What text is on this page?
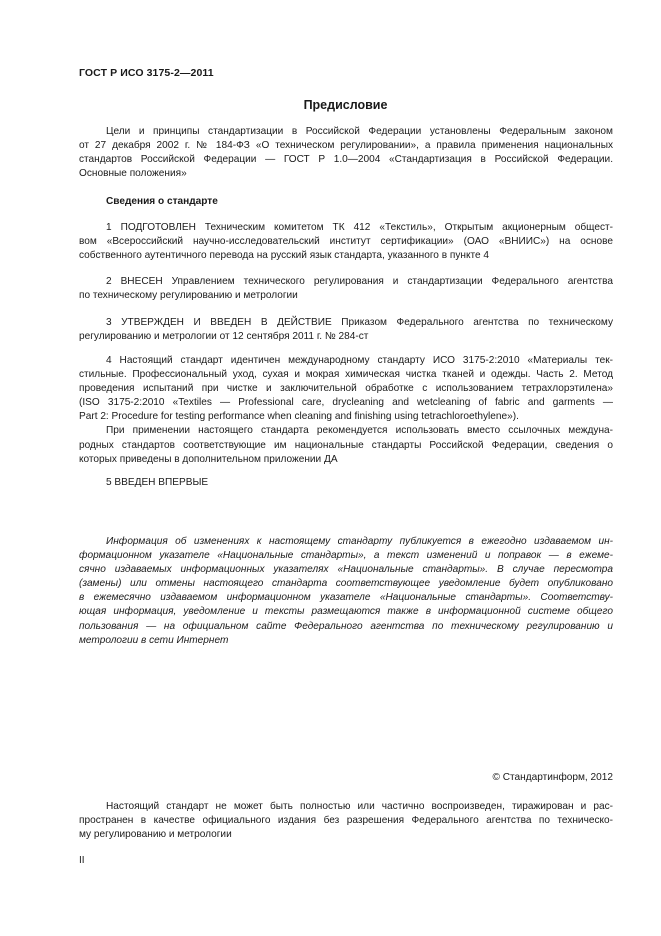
ГОСТ Р ИСО 3175-2—2011
Предисловие
Цели и принципы стандартизации в Российской Федерации установлены Федеральным законом
от 27 декабря 2002 г. № 184-ФЗ «О техническом регулировании», а правила применения национальных
стандартов Российской Федерации — ГОСТ Р 1.0—2004 «Стандартизация в Российской Федерации.
Основные положения»
Сведения о стандарте
1 ПОДГОТОВЛЕН Техническим комитетом ТК 412 «Текстиль», Открытым акционерным общест-
вом «Всероссийский научно-исследовательский институт сертификации» (ОАО «ВНИИС») на основе
собственного аутентичного перевода на русский язык стандарта, указанного в пункте 4
2 ВНЕСЕН Управлением технического регулирования и стандартизации Федерального агентства
по техническому регулированию и метрологии
3 УТВЕРЖДЕН И ВВЕДЕН В ДЕЙСТВИЕ Приказом Федерального агентства по техническому
регулированию и метрологии от 12 сентября 2011 г. № 284-ст
4 Настоящий стандарт идентичен международному стандарту ИСО 3175-2:2010 «Материалы тек-
стильные. Профессиональный уход, сухая и мокрая химическая чистка тканей и одежды. Часть 2. Метод
проведения испытаний при чистке и заключительной обработке с использованием тетрахлорэтилена»
(ISO 3175-2:2010 «Textiles — Professional care, drycleaning and wetcleaning of fabric and garments —
Part 2: Procedure for testing performance when cleaning and finishing using tetrachloroethylene»).
При применении настоящего стандарта рекомендуется использовать вместо ссылочных междуна-
родных стандартов соответствующие им национальные стандарты Российской Федерации, сведения о
которых приведены в дополнительном приложении ДА
5 ВВЕДЕН ВПЕРВЫЕ
Информация об изменениях к настоящему стандарту публикуется в ежегодно издаваемом ин-
формационном указателе «Национальные стандарты», а текст изменений и поправок — в ежеме-
сячно издаваемых информационных указателях «Национальные стандарты». В случае пересмотра
(замены) или отмены настоящего стандарта соответствующее уведомление будет опубликовано
в ежемесячно издаваемом информационном указателе «Национальные стандарты». Соответству-
ющая информация, уведомление и тексты размещаются также в информационной системе общего
пользования — на официальном сайте Федерального агентства по техническому регулированию и
метрологии в сети Интернет
© Стандартинформ, 2012
Настоящий стандарт не может быть полностью или частично воспроизведен, тиражирован и рас-
пространен в качестве официального издания без разрешения Федерального агентства по техническо-
му регулированию и метрологии
II
